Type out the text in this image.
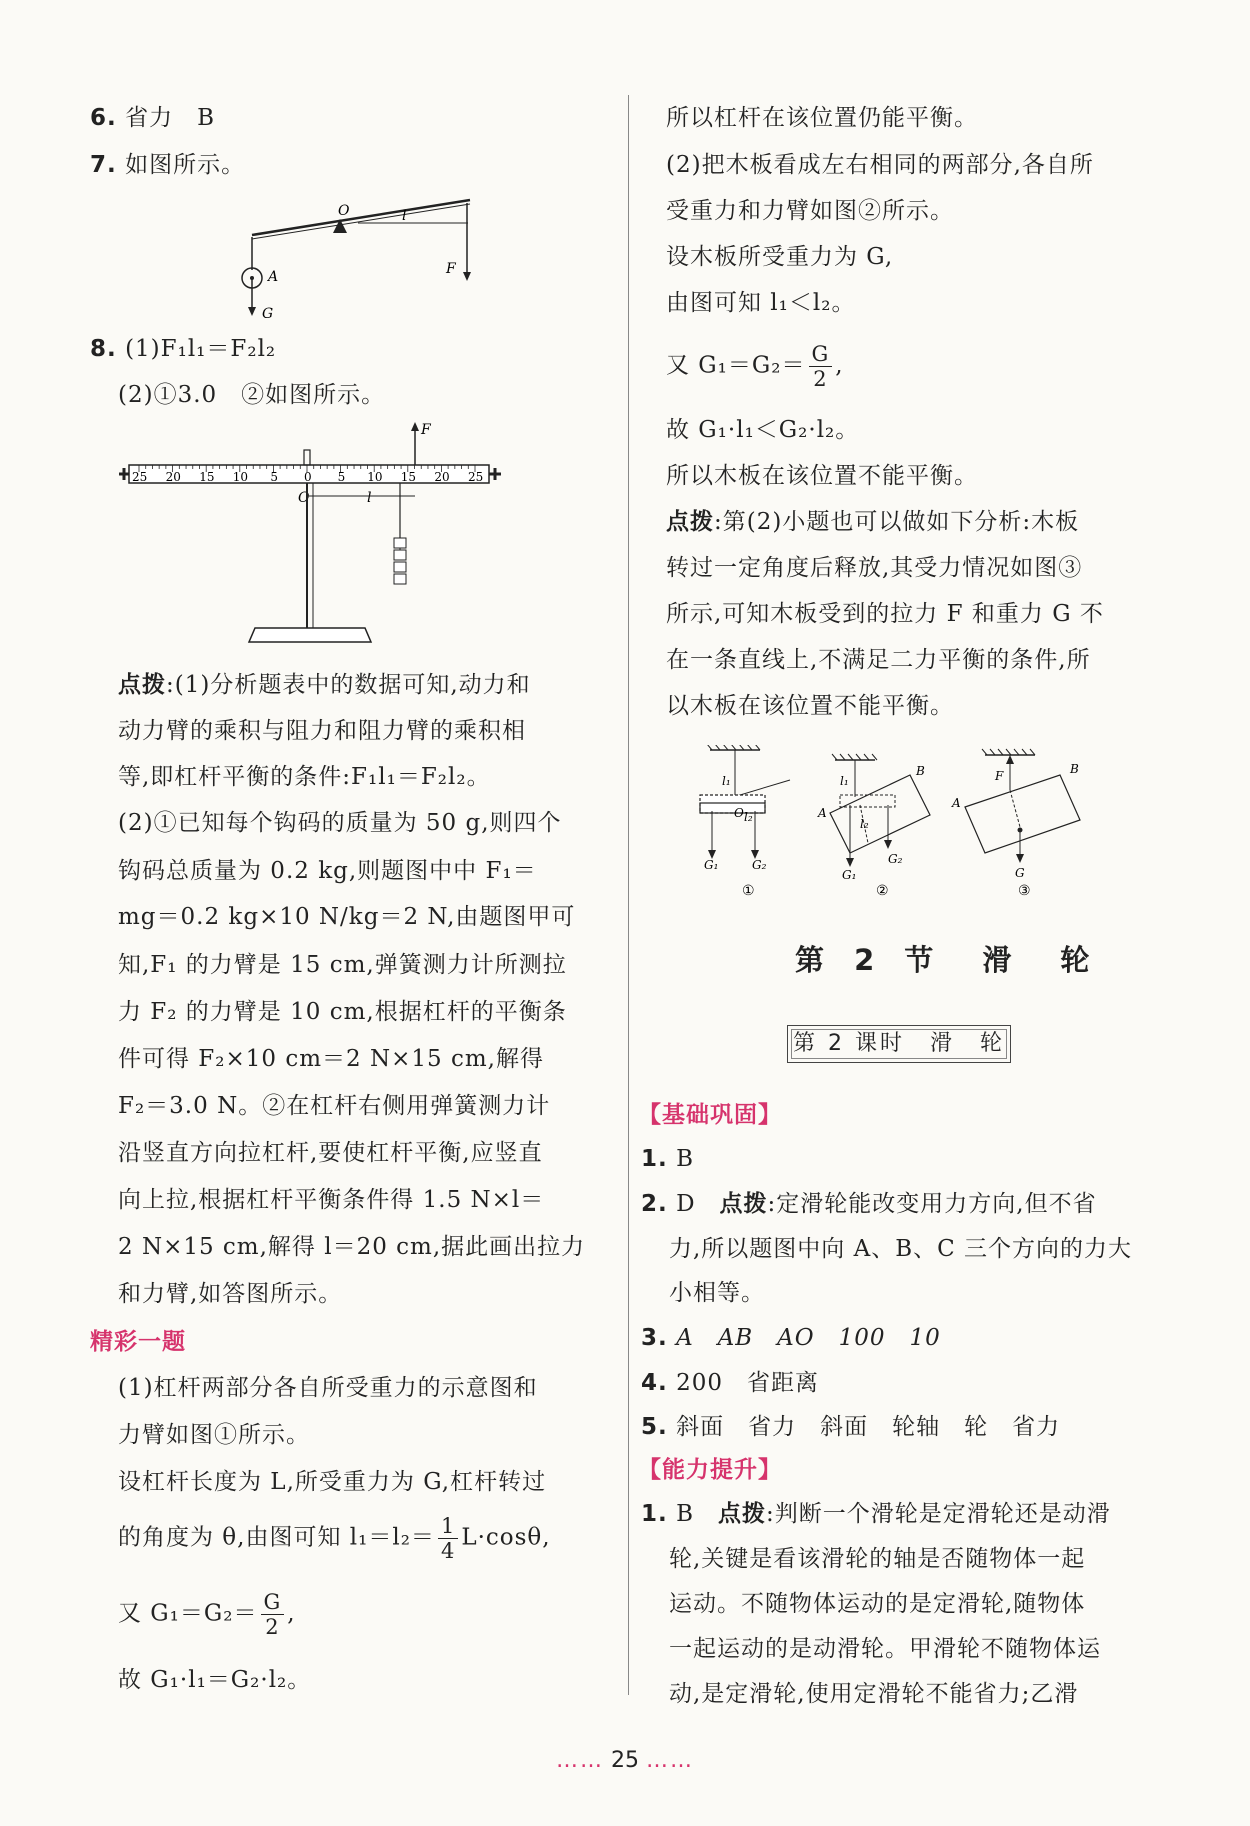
6. 省力　B
7. 如图所示。
O	l
A
G
F
8. (1)F₁l₁＝F₂l₂
(2)①3.0　②如图所示。
25 20 15 10 5 0 5 10 15 20 25
O	l
F
点拨:(1)分析题表中的数据可知,动力和
动力臂的乘积与阻力和阻力臂的乘积相
等,即杠杆平衡的条件:F₁l₁＝F₂l₂。
(2)①已知每个钩码的质量为 50 g,则四个
钩码总质量为 0.2 kg,则题图中中 F₁＝
mg＝0.2 kg×10 N/kg＝2 N,由题图甲可
知,F₁ 的力臂是 15 cm,弹簧测力计所测拉
力 F₂ 的力臂是 10 cm,根据杠杆的平衡条
件可得 F₂×10 cm＝2 N×15 cm,解得
F₂＝3.0 N。②在杠杆右侧用弹簧测力计
沿竖直方向拉杠杆,要使杠杆平衡,应竖直
向上拉,根据杠杆平衡条件得 1.5 N×l＝
2 N×15 cm,解得 l＝20 cm,据此画出拉力
和力臂,如答图所示。
精彩一题
(1)杠杆两部分各自所受重力的示意图和
力臂如图①所示。
设杠杆长度为 L,所受重力为 G,杠杆转过
的角度为 θ,由图可知 $l_1=l_2= \frac{1}{4} L\cdot\cos\theta$,
又 $G_1=G_2= \frac{G}{2}$ ,
故 G₁·l₁＝G₂·l₂。
所以杠杆在该位置仍能平衡。
(2)把木板看成左右相同的两部分,各自所
受重力和力臂如图②所示。
设木板所受重力为 G,
由图可知 l₁＜l₂。
又 $G_1=G_2= \frac{G}{2}$ ,
故 G₁·l₁＜G₂·l₂。
所以木板在该位置不能平衡。
点拨:第(2)小题也可以做如下分析:木板
转过一定角度后释放,其受力情况如图③
所示,可知木板受到的拉力 F 和重力 G 不
在一条直线上,不满足二力平衡的条件,所
以木板在该位置不能平衡。
l₁
O l₂
G₁	G₂
①
l₁
l₂
A
B
G₁
G₂
②
F
A
B
G
③
第 2 节　滑　轮
第 2 课时　滑　轮
【基础巩固】
1. B
2. D　点拨:定滑轮能改变用力方向,但不省
力,所以题图中向 A、B、C 三个方向的力大
小相等。
3. A　AB　AO　100　10
4. 200　省距离
5. 斜面　省力　斜面　轮轴　轮　省力
【能力提升】
1. B　点拨:判断一个滑轮是定滑轮还是动滑
轮,关键是看该滑轮的轴是否随物体一起
运动。不随物体运动的是定滑轮,随物体
一起运动的是动滑轮。甲滑轮不随物体运
动,是定滑轮,使用定滑轮不能省力;乙滑
…… 25 ……
